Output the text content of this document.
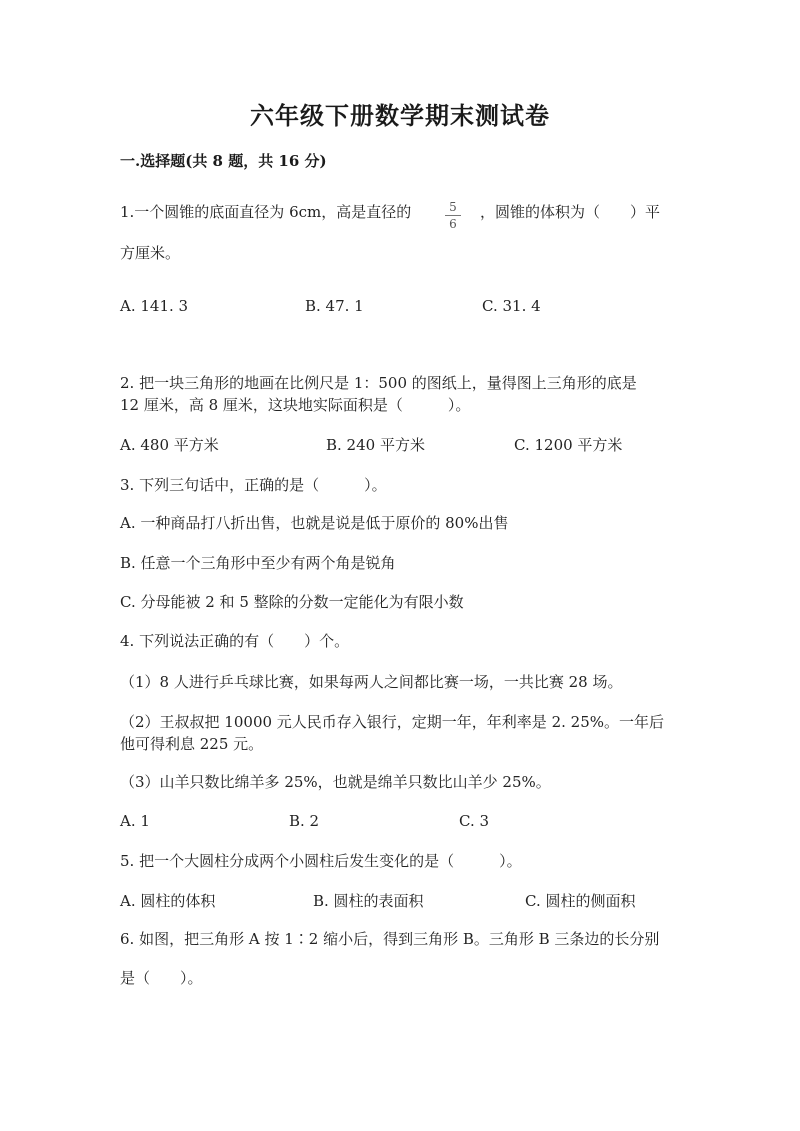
六年级下册数学期末测试卷
一.选择题(共 8 题，共 16 分)
1.一个圆锥的底面直径为 6cm，高是直径的	5
6
，圆锥的体积为（　　）平
方厘米。
A. 141. 3	B. 47. 1	C. 31. 4
2. 把一块三角形的地画在比例尺是 1：500 的图纸上，量得图上三角形的底是
12 厘米，高 8 厘米，这块地实际面积是（　　　）。
A. 480 平方米	B. 240 平方米	C. 1200 平方米
3. 下列三句话中，正确的是（　　　）。
A. 一种商品打八折出售，也就是说是低于原价的 80%出售
B. 任意一个三角形中至少有两个角是锐角
C. 分母能被 2 和 5 整除的分数一定能化为有限小数
4. 下列说法正确的有（　　）个。
（1）8 人进行乒乓球比赛，如果每两人之间都比赛一场，一共比赛 28 场。
（2）王叔叔把 10000 元人民币存入银行，定期一年，年利率是 2. 25%。一年后
他可得利息 225 元。
（3）山羊只数比绵羊多 25%，也就是绵羊只数比山羊少 25%。
A. 1	B. 2	C. 3
5. 把一个大圆柱分成两个小圆柱后发生变化的是（　　　）。
A. 圆柱的体积	B. 圆柱的表面积	C. 圆柱的侧面积
6. 如图，把三角形 A 按 1∶2 缩小后，得到三角形 B。三角形 B 三条边的长分别
是（　　）。
